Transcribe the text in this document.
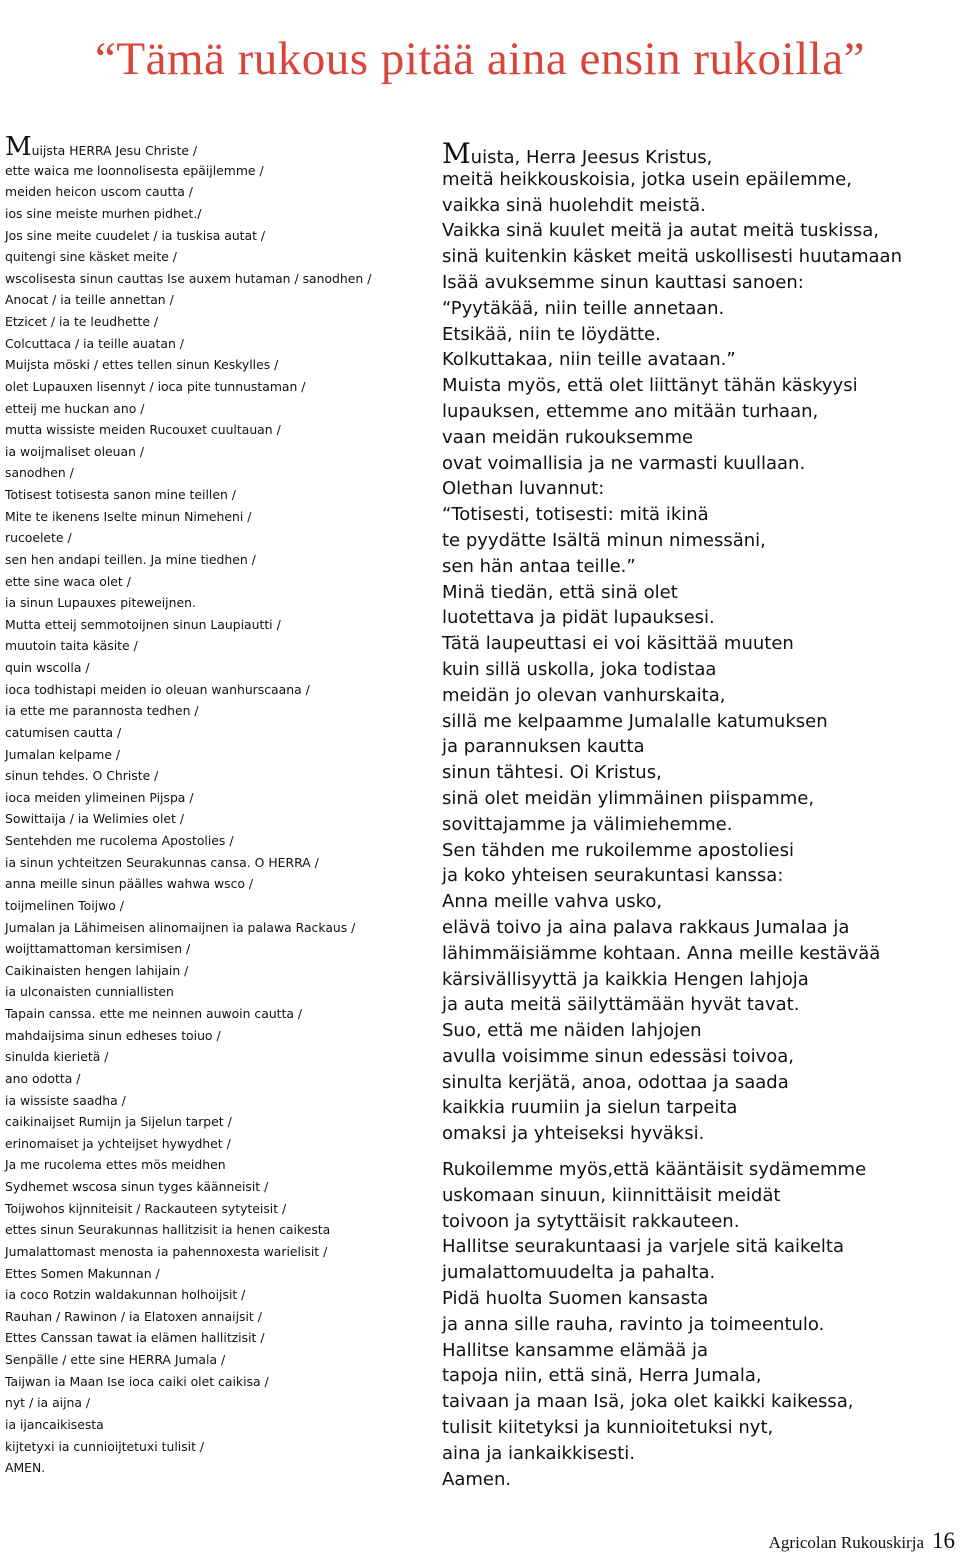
“Tämä rukous pitää aina ensin rukoilla”
Muijsta HERRA Jesu Christe /
ette waica me loonnolisesta epäijlemme /
meiden heicon uscom cautta /
ios sine meiste murhen pidhet./
Jos sine meite cuudelet / ia tuskisa autat /
quitengi sine käsket meite /
wscolisesta sinun cauttas Ise auxem hutaman / sanodhen /
Anocat / ia teille annettan /
Etzicet / ia te leudhette /
Colcuttaca / ia teille auatan /
Muijsta möski / ettes tellen sinun Keskylles /
olet Lupauxen lisennyt / ioca pite tunnustaman /
etteij me huckan ano /
mutta wissiste meiden Rucouxet cuultauan /
ia woijmaliset oleuan /
sanodhen /
Totisest totisesta sanon mine teillen /
Mite te ikenens Iselte minun Nimeheni /
rucoelete /
sen hen andapi teillen. Ja mine tiedhen /
ette sine waca olet /
ia sinun Lupauxes piteweijnen.
Mutta etteij semmotoijnen sinun Laupiautti /
muutoin taita käsite /
quin wscolla /
ioca todhistapi meiden io oleuan wanhurscaana /
ia ette me parannosta tedhen /
catumisen cautta /
Jumalan kelpame /
sinun tehdes. O Christe /
ioca meiden ylimeinen Pijspa /
Sowittaija / ia Welimies olet /
Sentehden me rucolema Apostolies /
ia sinun ychteitzen Seurakunnas cansa. O HERRA /
anna meille sinun päälles wahwa wsco /
toijmelinen Toijwo /
Jumalan ja Lähimeisen alinomaijnen ia palawa Rackaus /
woijttamattoman kersimisen /
Caikinaisten hengen lahijain /
ia ulconaisten cunniallisten
Tapain canssa. ette me neinnen auwoin cautta /
mahdaijsima sinun edheses toiuo /
sinulda kierietä /
ano odotta /
ia wissiste saadha /
caikinaijset Rumijn ja Sijelun tarpet /
erinomaiset ja ychteijset hywydhet /
Ja me rucolema ettes mös meidhen
Sydhemet wscosa sinun tyges käänneisit /
Toijwohos kijnniteisit / Rackauteen sytyteisit /
ettes sinun Seurakunnas hallitzisit ia henen caikesta
Jumalattomast menosta ia pahennoxesta warielisit /
Ettes Somen Makunnan /
ia coco Rotzin waldakunnan holhoijsit /
Rauhan / Rawinon / ia Elatoxen annaijsit /
Ettes Canssan tawat ia elämen hallitzisit /
Senpälle / ette sine HERRA Jumala /
Taijwan ia Maan Ise ioca caiki olet caikisa /
nyt / ia aijna /
ia ijancaikisesta
kijtetyxi ia cunnioijtetuxi tulisit /
AMEN.
Muista, Herra Jeesus Kristus,
meitä heikkouskoisia, jotka usein epäilemme,
vaikka sinä huolehdit meistä.
Vaikka sinä kuulet meitä ja autat meitä tuskissa,
sinä kuitenkin käsket meitä uskollisesti huutamaan
Isää avuksemme sinun kauttasi sanoen:
“Pyytäkää, niin teille annetaan.
Etsikää, niin te löydätte.
Kolkuttakaa, niin teille avataan.”
Muista myös, että olet liittänyt tähän käskyysi
lupauksen, ettemme ano mitään turhaan,
vaan meidän rukouksemme
ovat voimallisia ja ne varmasti kuullaan.
Olethan luvannut:
“Totisesti, totisesti: mitä ikinä
te pyydätte Isältä minun nimessäni,
sen hän antaa teille.”
Minä tiedän, että sinä olet
luotettava ja pidät lupauksesi.
Tätä laupeuttasi ei voi käsittää muuten
kuin sillä uskolla, joka todistaa
meidän jo olevan vanhurskaita,
sillä me kelpaamme Jumalalle katumuksen
ja parannuksen kautta
sinun tähtesi. Oi Kristus,
sinä olet meidän ylimmäinen piispamme,
sovittajamme ja välimiehemme.
Sen tähden me rukoilemme apostoliesi
ja koko yhteisen seurakuntasi kanssa:
Anna meille vahva usko,
elävä toivo ja aina palava rakkaus Jumalaa ja
lähimmäisiämme kohtaan. Anna meille kestävää
kärsivällisyyttä ja kaikkia Hengen lahjoja
ja auta meitä säilyttämään hyvät tavat.
Suo, että me näiden lahjojen
avulla voisimme sinun edessäsi toivoa,
sinulta kerjätä, anoa, odottaa ja saada
kaikkia ruumiin ja sielun tarpeita
omaksi ja yhteiseksi hyväksi.
Rukoilemme myös,että kääntäisit sydämemme
uskomaan sinuun, kiinnittäisit meidät
toivoon ja sytyttäisit rakkauteen.
Hallitse seurakuntaasi ja varjele sitä kaikelta
jumalattomuudelta ja pahalta.
Pidä huolta Suomen kansasta
ja anna sille rauha, ravinto ja toimeentulo.
Hallitse kansamme elämää ja
tapoja niin, että sinä, Herra Jumala,
taivaan ja maan Isä, joka olet kaikki kaikessa,
tulisit kiitetyksi ja kunnioitetuksi nyt,
aina ja iankaikkisesti.
Aamen.
Agricolan Rukouskirja 16
